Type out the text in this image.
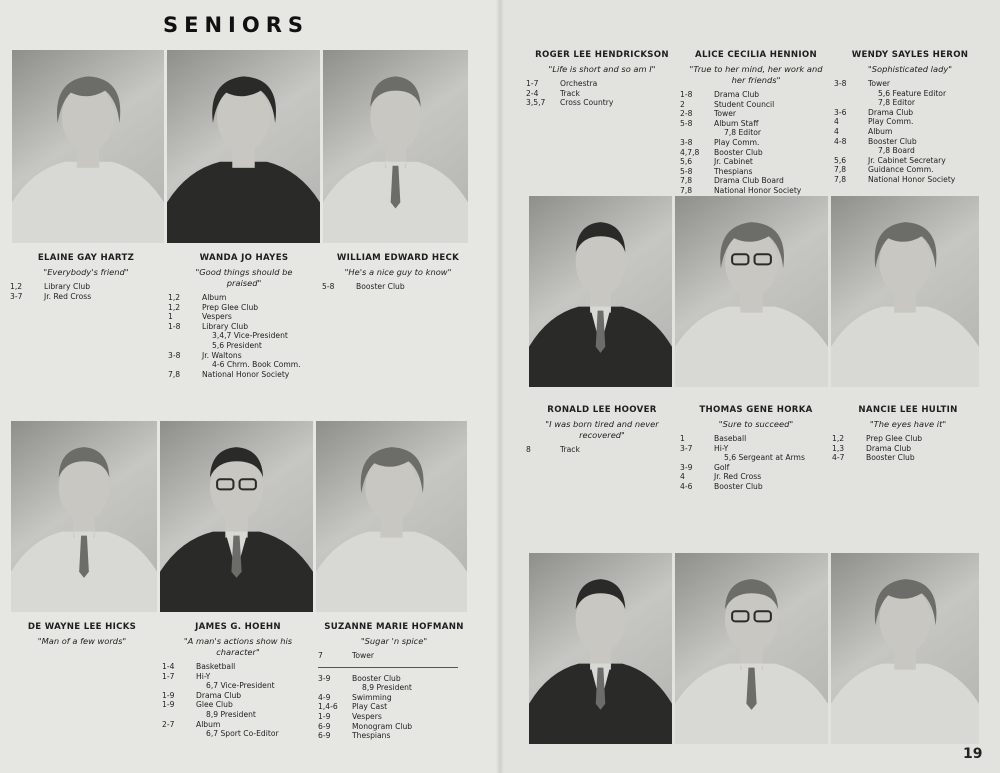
SENIORS
ELAINE GAY HARTZ
"Everybody's friend"
1,2	Library Club
3-7	Jr. Red Cross
WANDA JO HAYES
"Good things should be praised"
1,2	Album
1,2	Prep Glee Club
1	Vespers
1-8	Library Club
3,4,7 Vice-President
5,6 President
3-8	Jr. Waltons
4-6 Chrm. Book Comm.
7,8	National Honor Society
WILLIAM EDWARD HECK
"He's a nice guy to know"
5-8	Booster Club
DE WAYNE LEE HICKS
"Man of a few words"
JAMES G. HOEHN
"A man's actions show his character"
1-4	Basketball
1-7	Hi-Y
6,7 Vice-President
1-9	Drama Club
1-9	Glee Club
8,9 President
2-7	Album
6,7 Sport Co-Editor
SUZANNE MARIE HOFMANN
"Sugar 'n spice"
7	Tower
3-9	Booster Club
8,9 President
4-9	Swimming
1,4-6	Play Cast
1-9	Vespers
6-9	Monogram Club
6-9	Thespians
ROGER LEE HENDRICKSON
"Life is short and so am I"
1-7	Orchestra
2-4	Track
3,5,7	Cross Country
ALICE CECILIA HENNION
"True to her mind, her work and her friends"
1-8	Drama Club
2	Student Council
2-8	Tower
5-8	Album Staff
7,8 Editor
3-8	Play Comm.
4,7,8	Booster Club
5,6	Jr. Cabinet
5-8	Thespians
7,8	Drama Club Board
7,8	National Honor Society
WENDY SAYLES HERON
"Sophisticated lady"
3-8	Tower
5,6 Feature Editor
7,8 Editor
3-6	Drama Club
4	Play Comm.
4	Album
4-8	Booster Club
7,8 Board
5,6	Jr. Cabinet Secretary
7,8	Guidance Comm.
7,8	National Honor Society
RONALD LEE HOOVER
"I was born tired and never recovered"
8	Track
THOMAS GENE HORKA
"Sure to succeed"
1	Baseball
3-7	Hi-Y
5,6 Sergeant at Arms
3-9	Golf
4	Jr. Red Cross
4-6	Booster Club
NANCIE LEE HULTIN
"The eyes have it"
1,2	Prep Glee Club
1,3	Drama Club
4-7	Booster Club
19
